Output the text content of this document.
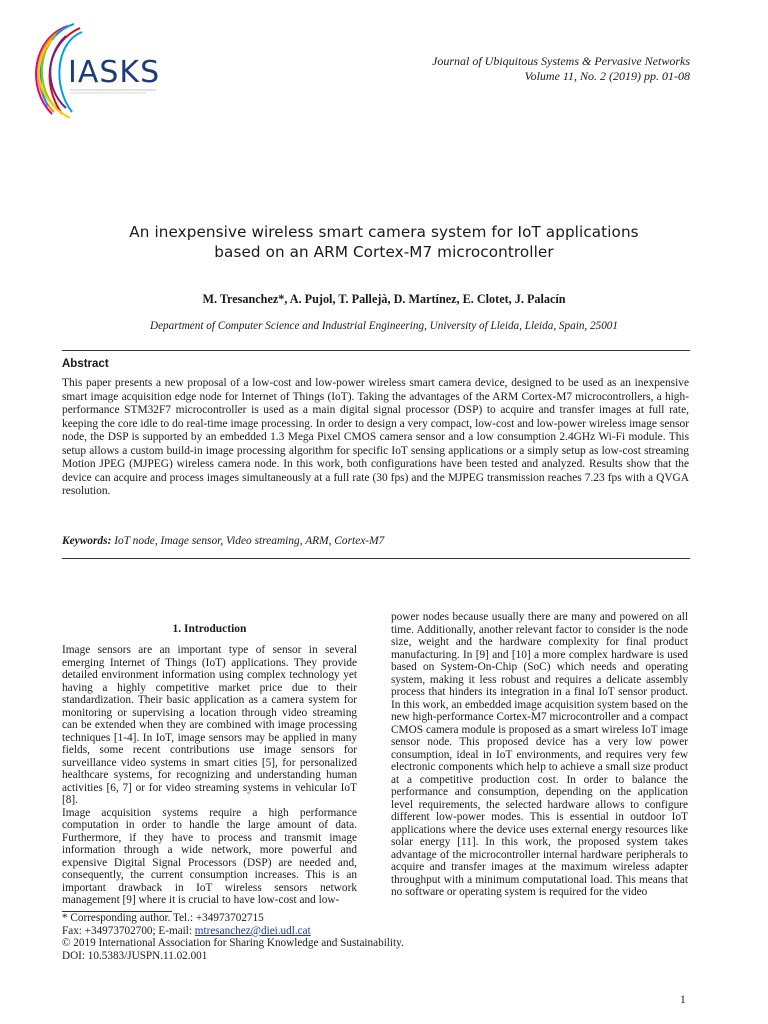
IASKS	Journal of Ubiquitous Systems & Pervasive Networks
Volume 11, No. 2 (2019) pp. 01-08
An inexpensive wireless smart camera system for IoT applications
based on an ARM Cortex-M7 microcontroller
M. Tresanchez*, A. Pujol, T. Pallejà, D. Martínez, E. Clotet, J. Palacín
Department of Computer Science and Industrial Engineering, University of Lleida, Lleida, Spain, 25001
Abstract
This paper presents a new proposal of a low-cost and low-power wireless smart camera device, designed to be used as an inexpensive smart image acquisition edge node for Internet of Things (IoT). Taking the advantages of the ARM Cortex-M7 microcontrollers, a high-performance STM32F7 microcontroller is used as a main digital signal processor (DSP) to acquire and transfer images at full rate, keeping the core idle to do real-time image processing. In order to design a very compact, low-cost and low-power wireless image sensor node, the DSP is supported by an embedded 1.3 Mega Pixel CMOS camera sensor and a low consumption 2.4GHz Wi-Fi module. This setup allows a custom build-in image processing algorithm for specific IoT sensing applications or a simply setup as low-cost streaming Motion JPEG (MJPEG) wireless camera node. In this work, both configurations have been tested and analyzed. Results show that the device can acquire and process images simultaneously at a full rate (30 fps) and the MJPEG transmission reaches 7.23 fps with a QVGA resolution.
Keywords: IoT node, Image sensor, Video streaming, ARM, Cortex-M7
1. Introduction
Image sensors are an important type of sensor in several emerging Internet of Things (IoT) applications. They provide detailed environment information using complex technology yet having a highly competitive market price due to their standardization. Their basic application as a camera system for monitoring or supervising a location through video streaming can be extended when they are combined with image processing techniques [1-4]. In IoT, image sensors may be applied in many fields, some recent contributions use image sensors for surveillance video systems in smart cities [5], for personalized healthcare systems, for recognizing and understanding human activities [6, 7] or for video streaming systems in vehicular IoT [8].
Image acquisition systems require a high performance computation in order to handle the large amount of data. Furthermore, if they have to process and transmit image information through a wide network, more powerful and expensive Digital Signal Processors (DSP) are needed and, consequently, the current consumption increases. This is an important drawback in IoT wireless sensors network management [9] where it is crucial to have low-cost and low-
power nodes because usually there are many and powered on all time. Additionally, another relevant factor to consider is the node size, weight and the hardware complexity for final product manufacturing. In [9] and [10] a more complex hardware is used based on System-On-Chip (SoC) which needs and operating system, making it less robust and requires a delicate assembly process that hinders its integration in a final IoT sensor product. In this work, an embedded image acquisition system based on the new high-performance Cortex-M7 microcontroller and a compact CMOS camera module is proposed as a smart wireless IoT image sensor node. This proposed device has a very low power consumption, ideal in IoT environments, and requires very few electronic components which help to achieve a small size product at a competitive production cost. In order to balance the performance and consumption, depending on the application level requirements, the selected hardware allows to configure different low-power modes. This is essential in outdoor IoT applications where the device uses external energy resources like solar energy [11]. In this work, the proposed system takes advantage of the microcontroller internal hardware peripherals to acquire and transfer images at the maximum wireless adapter throughput with a minimum computational load. This means that no software or operating system is required for the video
* Corresponding author. Tel.: +34973702715
Fax: +34973702700; E-mail: mtresanchez@diei.udl.cat
© 2019 International Association for Sharing Knowledge and Sustainability.
DOI: 10.5383/JUSPN.11.02.001
1
